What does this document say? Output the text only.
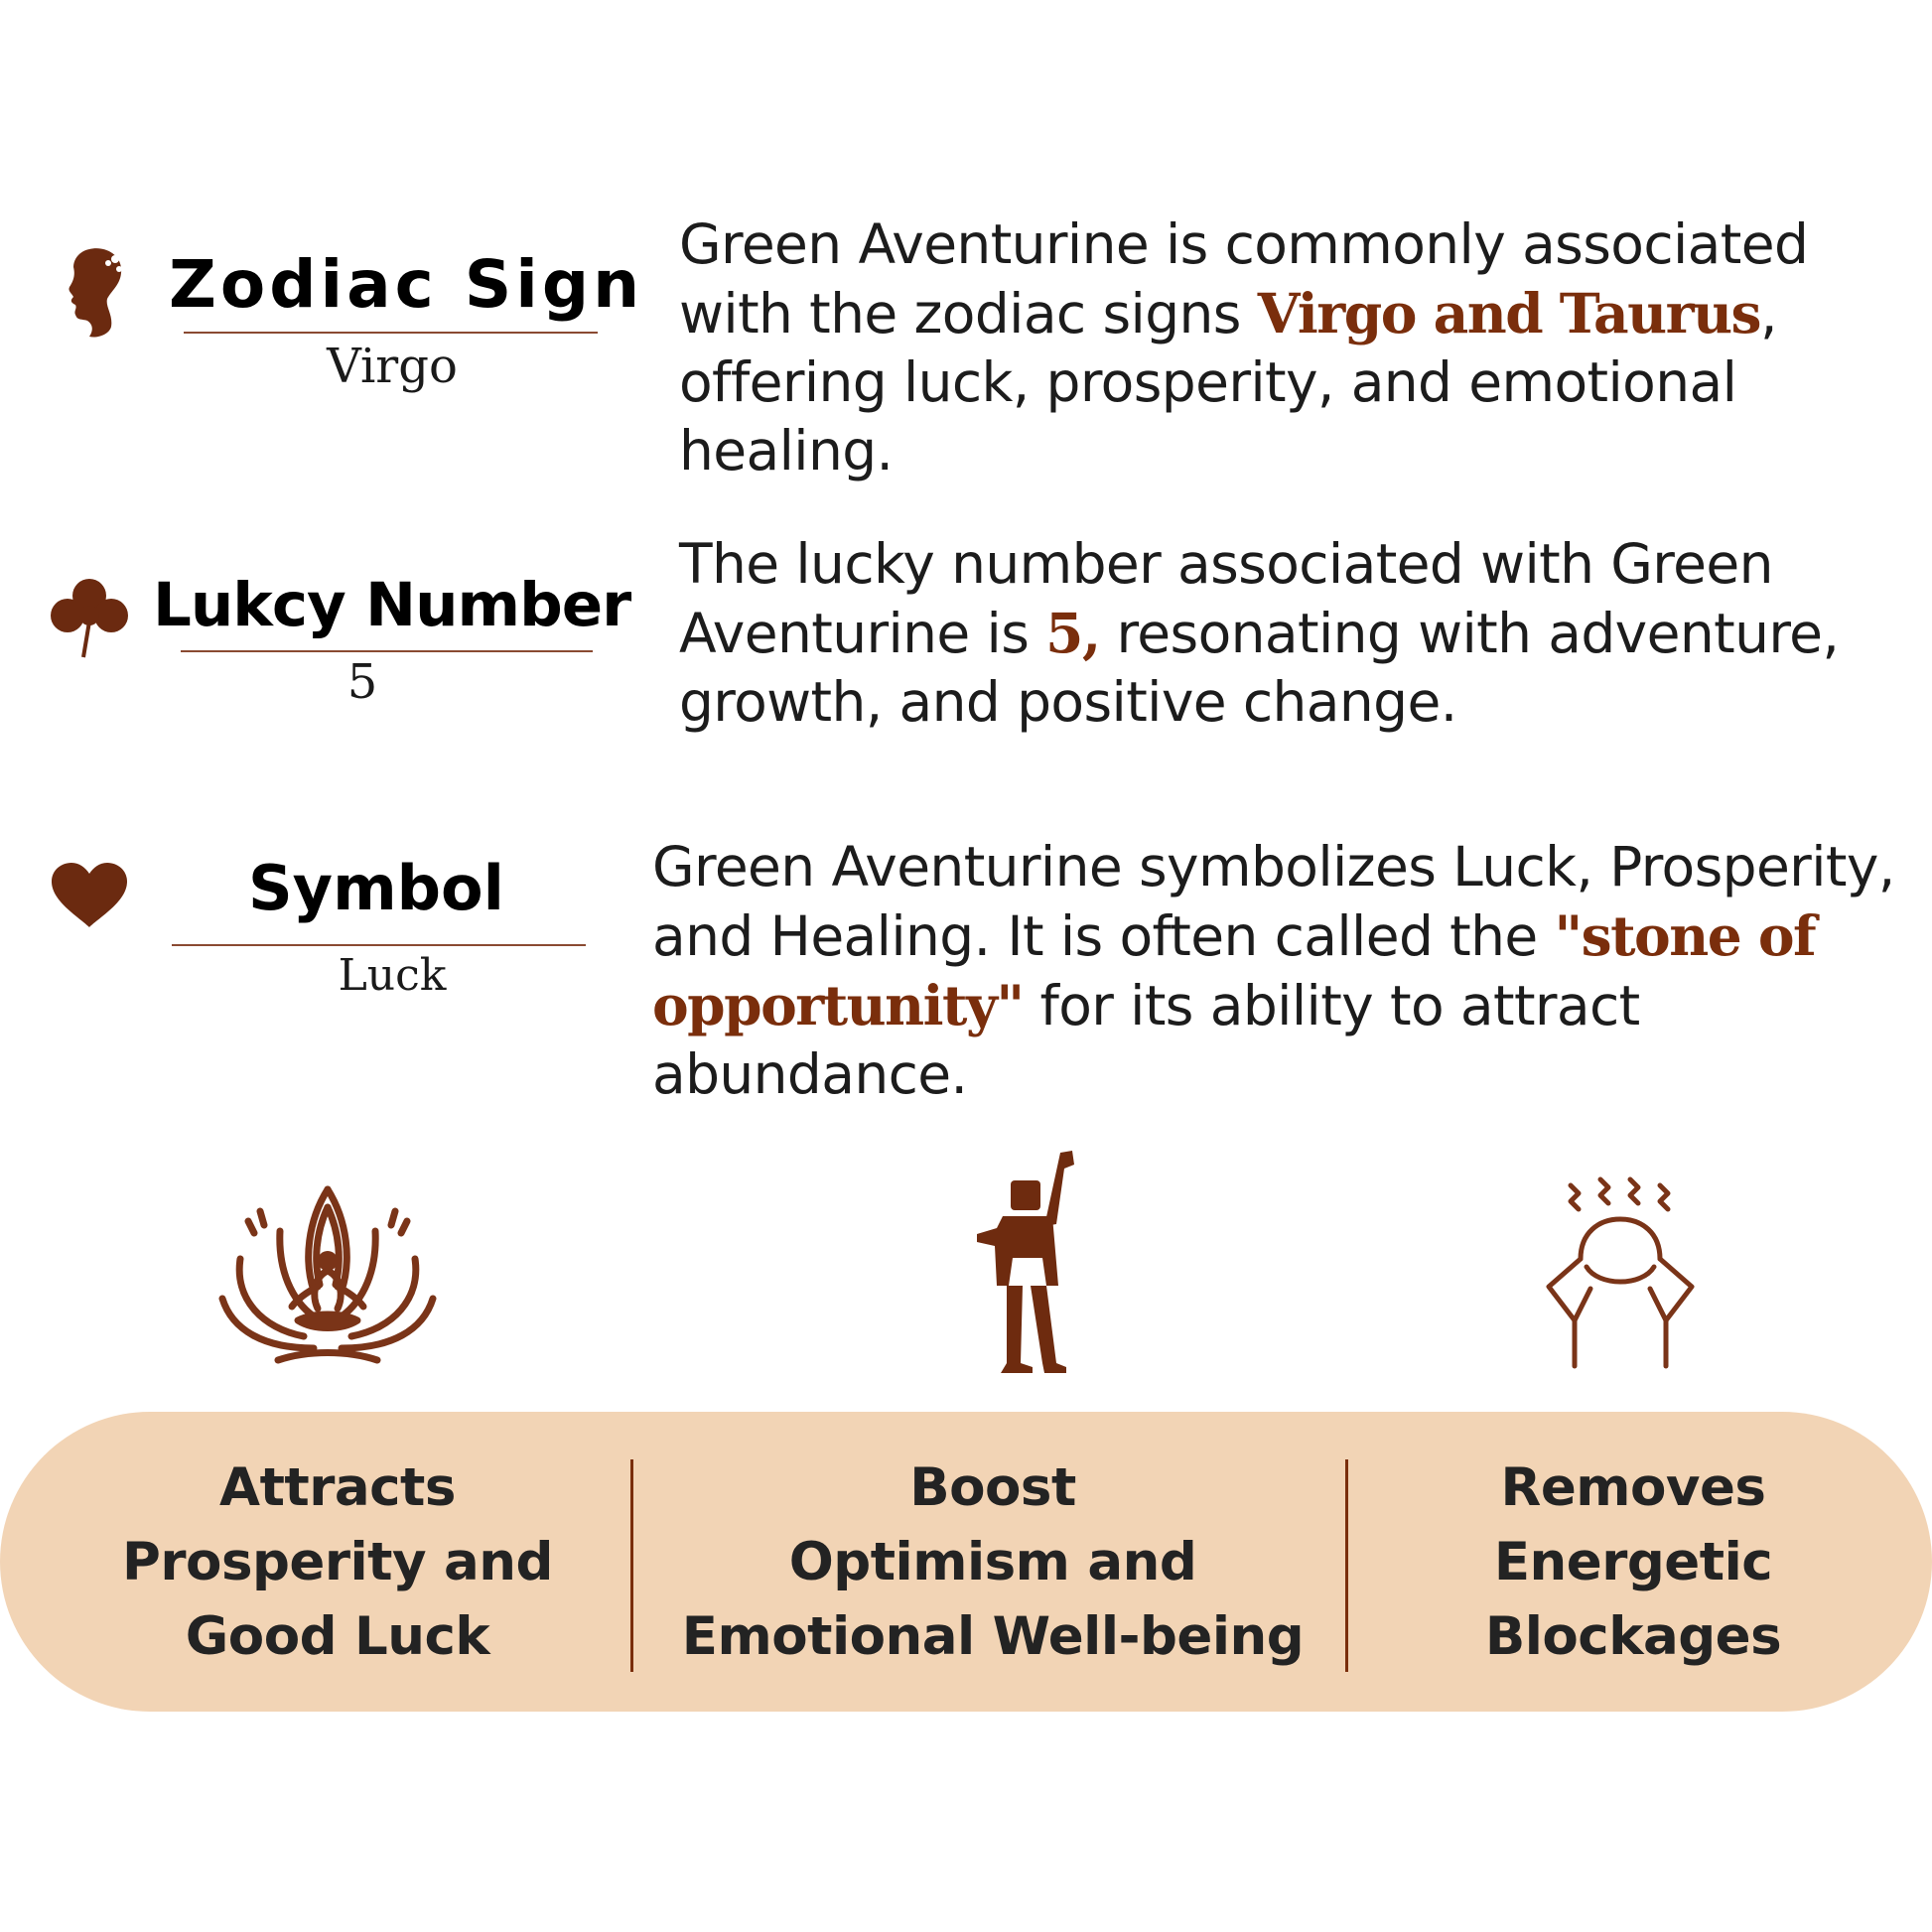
Zodiac Sign
Virgo
Green Aventurine is commonly associated with the zodiac signs Virgo and Taurus, offering luck, prosperity, and emotional healing.
Lukcy Number
5
The lucky number associated with Green Aventurine is 5, resonating with adventure, growth, and positive change.
Symbol
Luck
Green Aventurine symbolizes Luck, Prosperity, and Healing. It is often called the "stone of opportunity" for its ability to attract abundance.
Attracts
Prosperity and
Good Luck
Boost
Optimism and
Emotional Well-being
Removes
Energetic
Blockages
